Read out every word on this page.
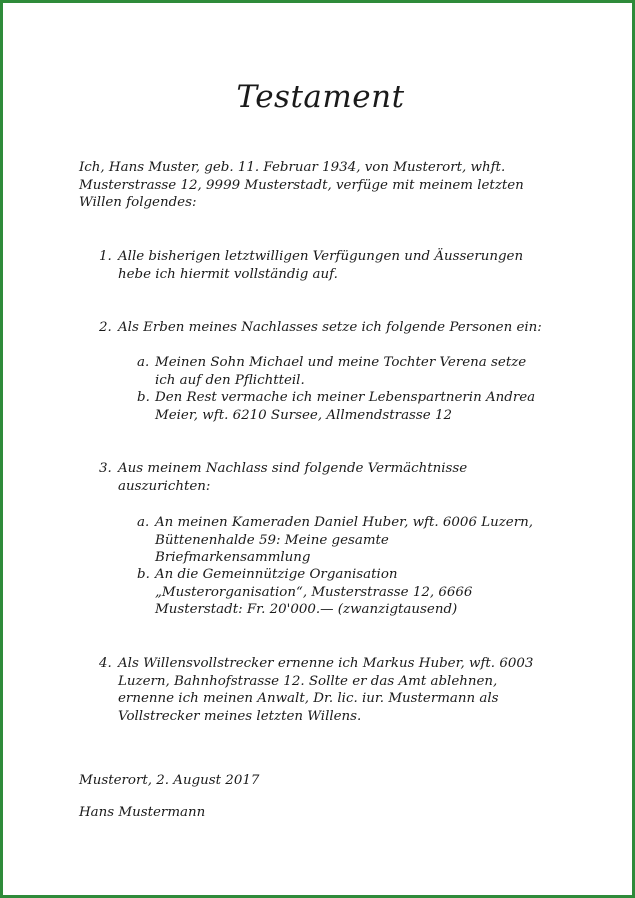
Testament
Ich, Hans Muster, geb. 11. Februar 1934, von Musterort, whft.
Musterstrasse 12, 9999 Musterstadt, verfüge mit meinem letzten
Willen folgendes:
1. Alle bisherigen letztwilligen Verfügungen und Äusserungen
hebe ich hiermit vollständig auf.
2. Als Erben meines Nachlasses setze ich folgende Personen ein:
a. Meinen Sohn Michael und meine Tochter Verena setze
ich auf den Pflichtteil.
b. Den Rest vermache ich meiner Lebenspartnerin Andrea
Meier, wft. 6210 Sursee, Allmendstrasse 12
3. Aus meinem Nachlass sind folgende Vermächtnisse
auszurichten:
a. An meinen Kameraden Daniel Huber, wft. 6006 Luzern,
Büttenenhalde 59: Meine gesamte
Briefmarkensammlung
b. An die Gemeinnützige Organisation
„Musterorganisation“, Musterstrasse 12, 6666
Musterstadt: Fr. 20'000.— (zwanzigtausend)
4. Als Willensvollstrecker ernenne ich Markus Huber, wft. 6003
Luzern, Bahnhofstrasse 12. Sollte er das Amt ablehnen,
ernenne ich meinen Anwalt, Dr. lic. iur. Mustermann als
Vollstrecker meines letzten Willens.
Musterort, 2. August 2017
Hans Mustermann
